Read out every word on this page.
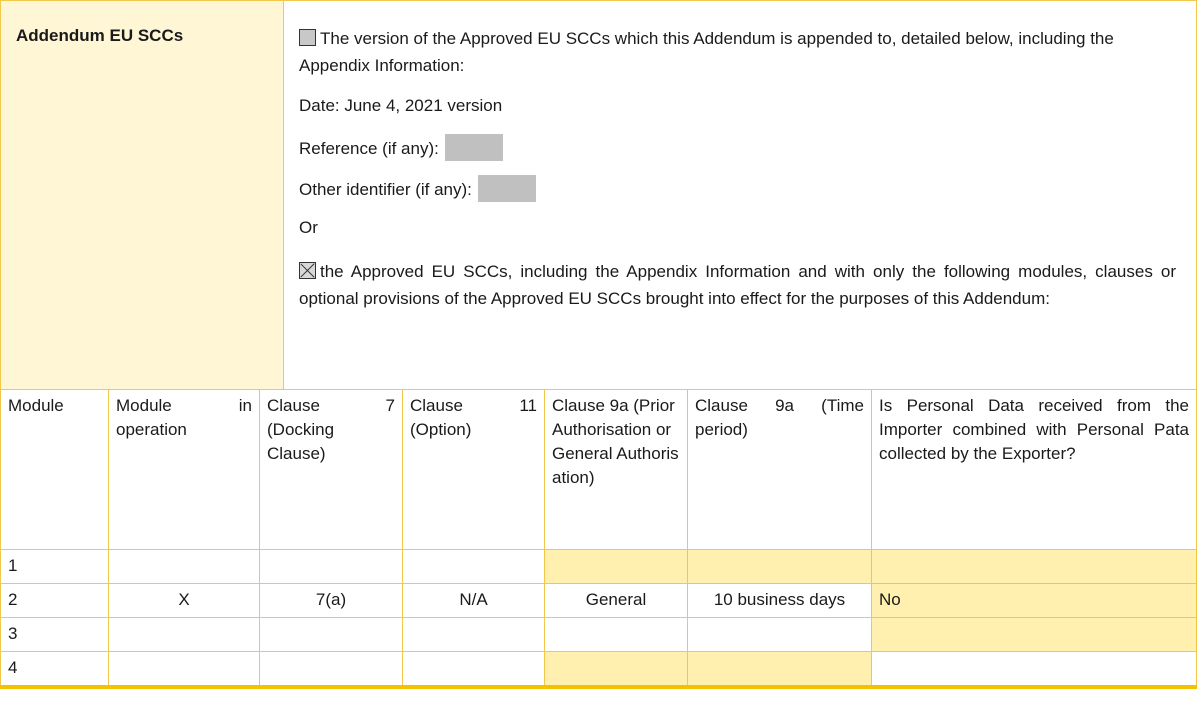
Addendum EU SCCs	The version of the Approved EU SCCs which this Addendum is appended to, detailed below, including the Appendix Information:
Date: June 4, 2021 version
Reference (if any):
Other identifier (if any):
Or
the Approved EU SCCs, including the Appendix Information and with only the following modules, clauses or optional provisions of the Approved EU SCCs brought into effect for the purposes of this Addendum:
Module	Module in operation	Clause 7 (Docking Clause)	Clause 11 (Option)	Clause 9a (Prior Authorisation or General Authorisation)	Clause 9a (Time period)	Is Personal Data received from the Importer combined with Personal Pata collected by the Exporter?
1						
2	X	7(a)	N/A	General	10 business days	No
3						
4						
